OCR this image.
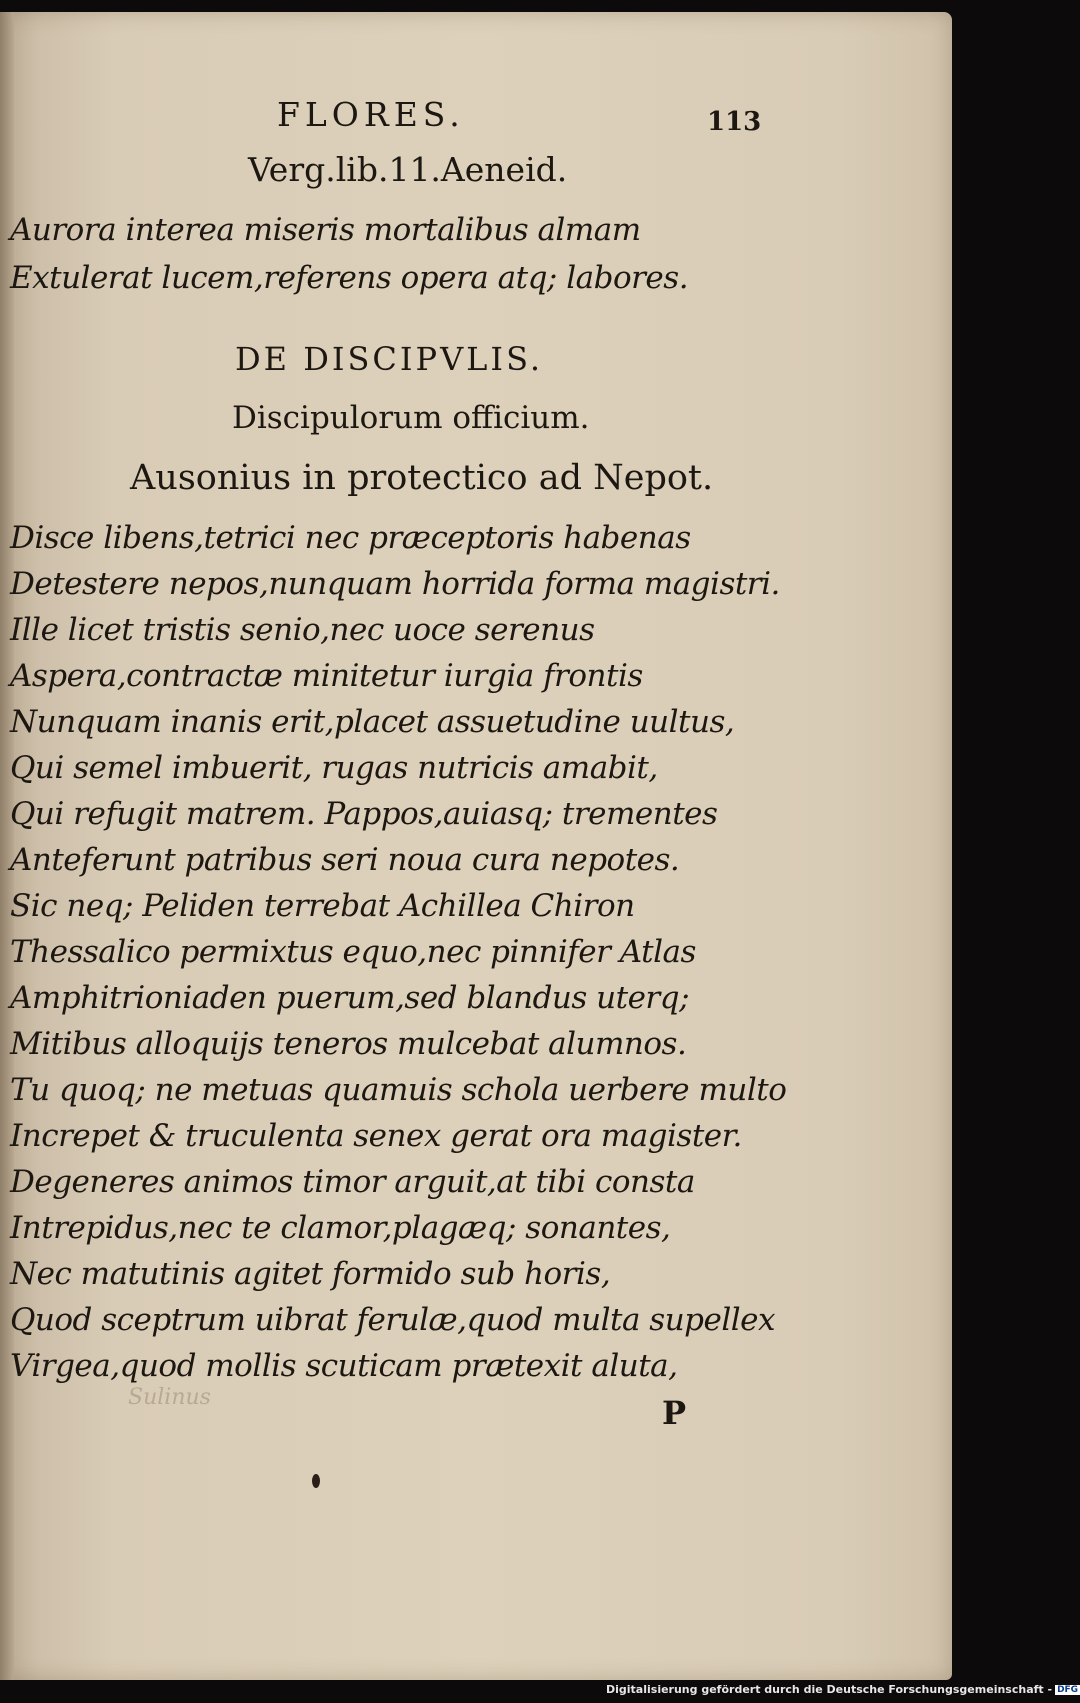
FLORES.	113
Verg.lib.11.Aeneid.
Aurora interea miseris mortalibus almam
Extulerat lucem,referens opera atq; labores.
DE DISCIPVLIS.
Discipulorum officium.
Ausonius in protectico ad Nepot.
Disce libens,tetrici nec præceptoris habenas
Detestere nepos,nunquam horrida forma magistri.
Ille licet tristis senio,nec uoce serenus
Aspera,contractæ minitetur iurgia frontis
Nunquam inanis erit,placet assuetudine uultus,
Qui semel imbuerit, rugas nutricis amabit,
Qui refugit matrem. Pappos,auiasq; trementes
Anteferunt patribus seri noua cura nepotes.
Sic neq; Peliden terrebat Achillea Chiron
Thessalico permixtus equo,nec pinnifer Atlas
Amphitrioniaden puerum,sed blandus uterq;
Mitibus alloquijs teneros mulcebat alumnos.
Tu quoq; ne metuas quamuis schola uerbere multo
Increpet & truculenta senex gerat ora magister.
Degeneres animos timor arguit,at tibi consta
Intrepidus,nec te clamor,plagæq; sonantes,
Nec matutinis agitet formido sub horis,
Quod sceptrum uibrat ferulæ,quod multa supellex
Virgea,quod mollis scuticam prætexit aluta,
Sulinus	P
Digitalisierung gefördert durch die Deutsche Forschungsgemeinschaft - DFG
